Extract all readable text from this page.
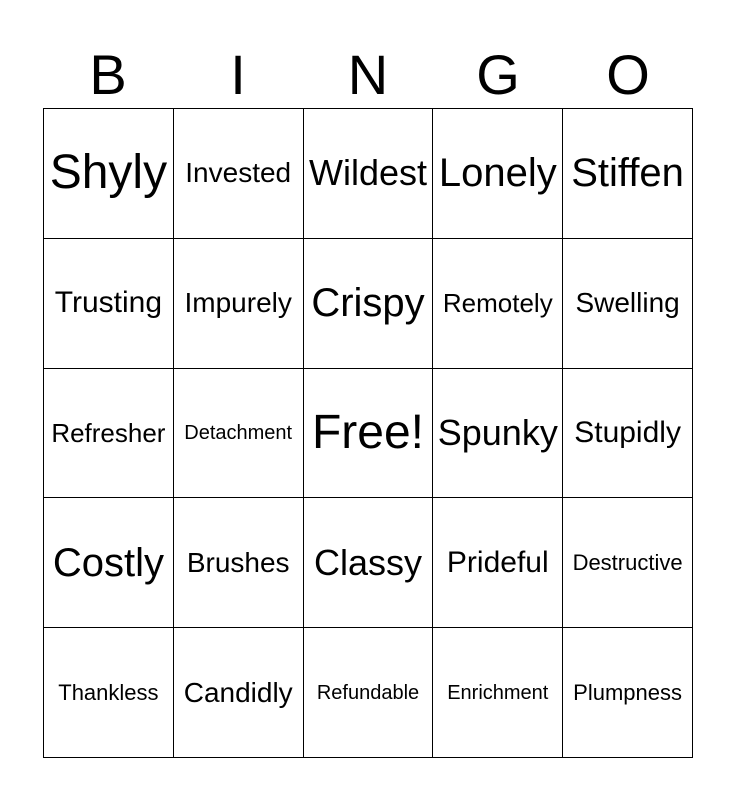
B	I	N	G	O
Shyly Invested Wildest Lonely Stiffen
Trusting Impurely Crispy Remotely Swelling
Refresher Detachment Free! Spunky Stupidly
Costly Brushes Classy Prideful	Destructive
Thankless Candidly	Refundable	Enrichment	Plumpness
